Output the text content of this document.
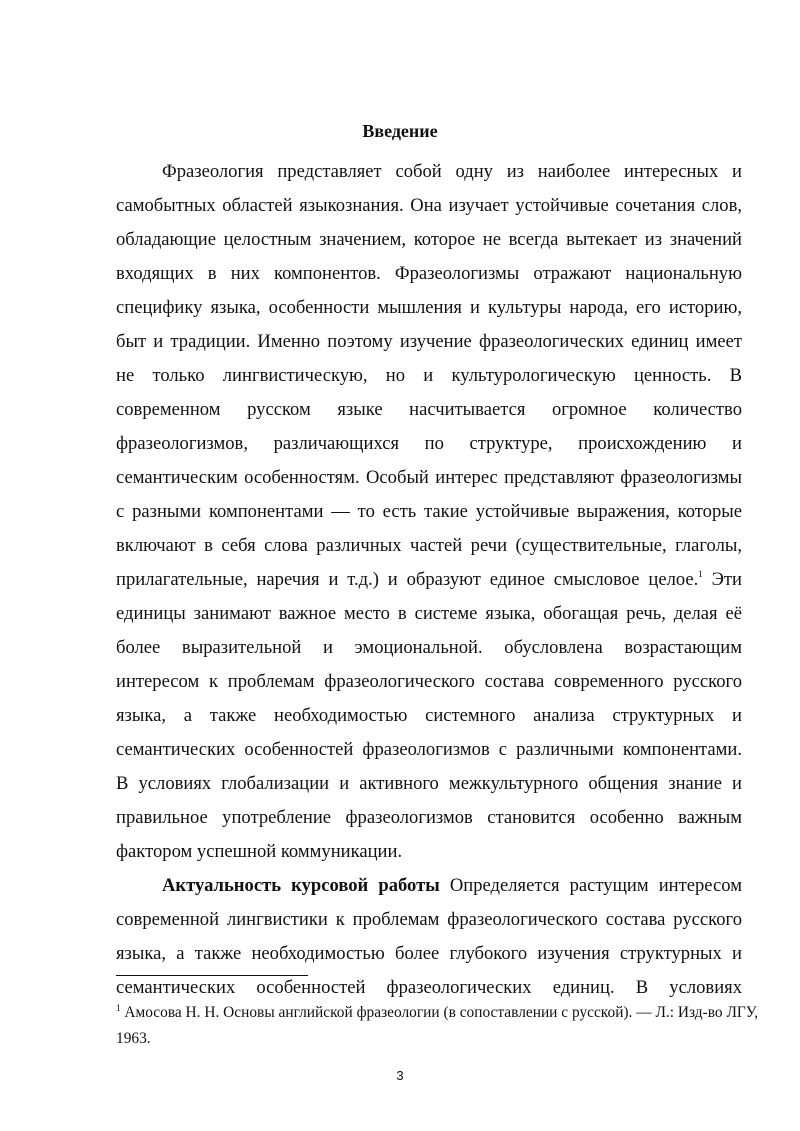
Введение
Фразеология представляет собой одну из наиболее интересных и
самобытных областей языкознания. Она изучает устойчивые сочетания слов,
обладающие целостным значением, которое не всегда вытекает из значений
входящих в них компонентов. Фразеологизмы отражают национальную
специфику языка, особенности мышления и культуры народа, его историю,
быт и традиции. Именно поэтому изучение фразеологических единиц имеет
не только лингвистическую, но и культурологическую ценность. В
современном русском языке насчитывается огромное количество
фразеологизмов, различающихся по структуре, происхождению и
семантическим особенностям. Особый интерес представляют фразеологизмы
с разными компонентами — то есть такие устойчивые выражения, которые
включают в себя слова различных частей речи (существительные, глаголы,
прилагательные, наречия и т.д.) и образуют единое смысловое целое.$^1$ Эти
единицы занимают важное место в системе языка, обогащая речь, делая её
более выразительной и эмоциональной. обусловлена возрастающим
интересом к проблемам фразеологического состава современного русского
языка, а также необходимостью системного анализа структурных и
семантических особенностей фразеологизмов с различными компонентами.
В условиях глобализации и активного межкультурного общения знание и
правильное употребление фразеологизмов становится особенно важным
фактором успешной коммуникации.
Актуальность курсовой работы Определяется растущим интересом
современной лингвистики к проблемам фразеологического состава русского
языка, а также необходимостью более глубокого изучения структурных и
семантических особенностей фразеологических единиц. В условиях
$^1$ Амосова Н. Н. Основы английской фразеологии (в сопоставлении с русской). — Л.: Изд-во ЛГУ,
1963.
3
